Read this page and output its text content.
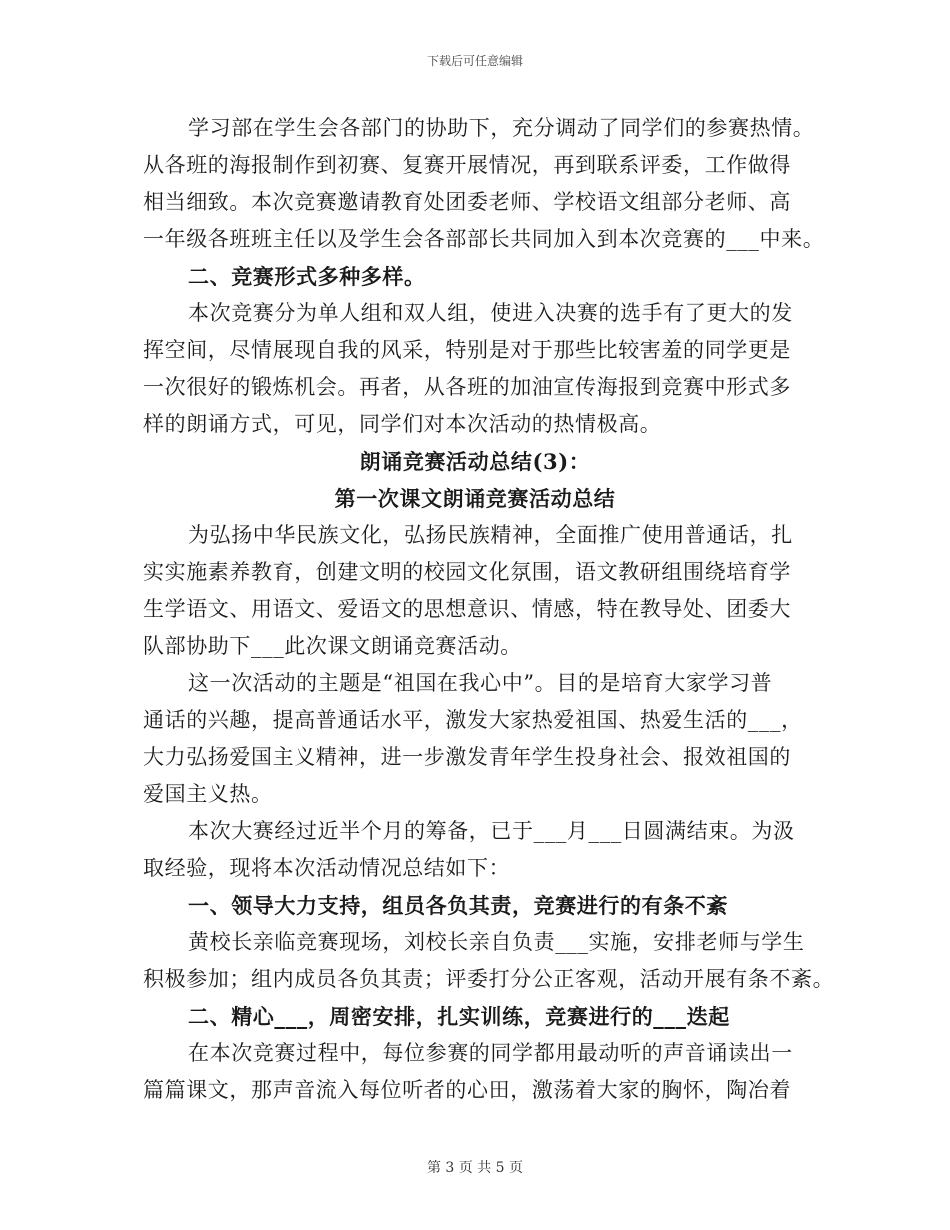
下载后可任意编辑
学习部在学生会各部门的协助下，充分调动了同学们的参赛热情。
从各班的海报制作到初赛、复赛开展情况，再到联系评委，工作做得
相当细致。本次竞赛邀请教育处团委老师、学校语文组部分老师、高
一年级各班班主任以及学生会各部部长共同加入到本次竞赛的___中来。
二、竞赛形式多种多样。
本次竞赛分为单人组和双人组，使进入决赛的选手有了更大的发
挥空间，尽情展现自我的风采，特别是对于那些比较害羞的同学更是
一次很好的锻炼机会。再者，从各班的加油宣传海报到竞赛中形式多
样的朗诵方式，可见，同学们对本次活动的热情极高。
朗诵竞赛活动总结(3)：
第一次课文朗诵竞赛活动总结
为弘扬中华民族文化，弘扬民族精神，全面推广使用普通话，扎
实实施素养教育，创建文明的校园文化氛围，语文教研组围绕培育学
生学语文、用语文、爱语文的思想意识、情感，特在教导处、团委大
队部协助下___此次课文朗诵竞赛活动。
这一次活动的主题是“祖国在我心中”。目的是培育大家学习普
通话的兴趣，提高普通话水平，激发大家热爱祖国、热爱生活的___，
大力弘扬爱国主义精神，进一步激发青年学生投身社会、报效祖国的
爱国主义热。
本次大赛经过近半个月的筹备，已于___月___日圆满结束。为汲
取经验，现将本次活动情况总结如下：
一、领导大力支持，组员各负其责，竞赛进行的有条不紊
黄校长亲临竞赛现场，刘校长亲自负责___实施，安排老师与学生
积极参加；组内成员各负其责；评委打分公正客观，活动开展有条不紊。
二、精心___，周密安排，扎实训练，竞赛进行的___迭起
在本次竞赛过程中，每位参赛的同学都用最动听的声音诵读出一
篇篇课文，那声音流入每位听者的心田，激荡着大家的胸怀，陶冶着
第 3 页 共 5 页
